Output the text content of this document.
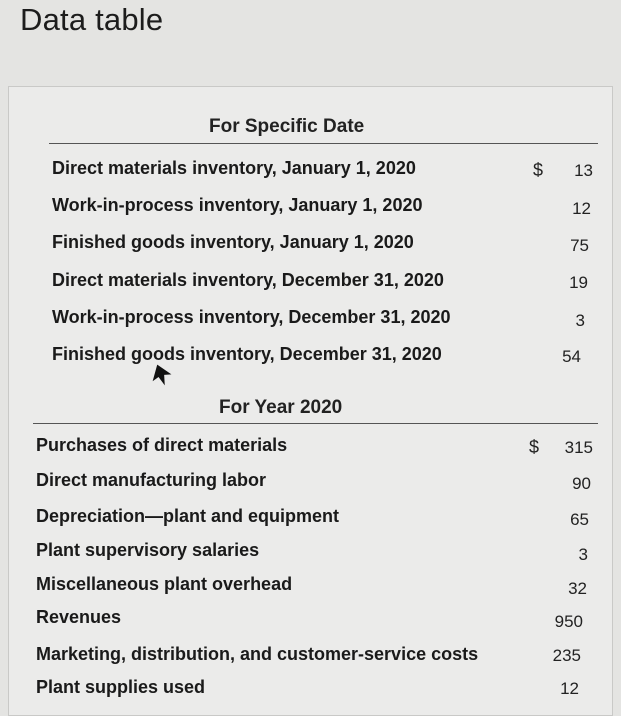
Data table
For Specific Date
Direct materials inventory, January 1, 2020	$ 13
Work-in-process inventory, January 1, 2020	12
Finished goods inventory, January 1, 2020	75
Direct materials inventory, December 31, 2020	19
Work-in-process inventory, December 31, 2020	3
Finished goods inventory, December 31, 2020	54
For Year 2020
Purchases of direct materials	$ 315
Direct manufacturing labor	90
Depreciation—plant and equipment	65
Plant supervisory salaries	3
Miscellaneous plant overhead	32
Revenues	950
Marketing, distribution, and customer-service costs	235
Plant supplies used	12
